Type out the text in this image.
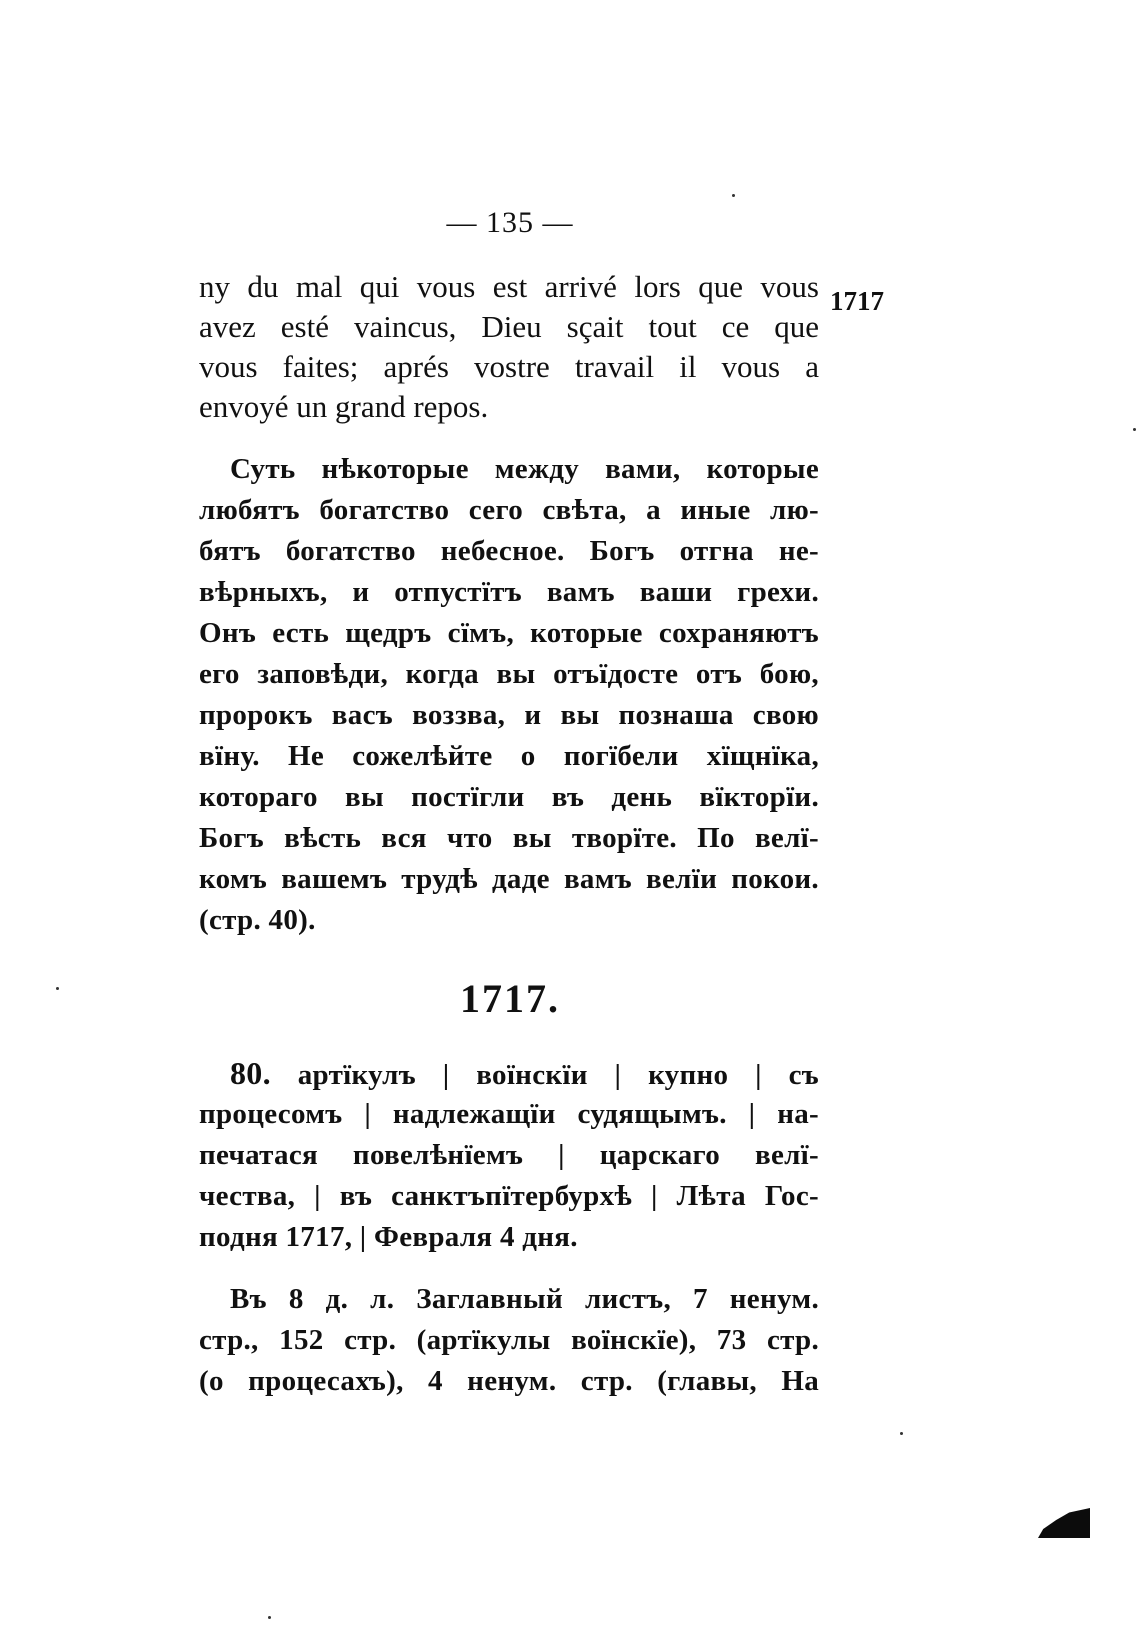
— 135 —
1717
ny du mal qui vous est arrivé lors que vous
avez esté vaincus, Dieu sçait tout ce que
vous faites; aprés vostre travail il vous a
envoyé un grand repos.
Суть нѣкоторые между вами, которые
любятъ богатство сего свѣта, а иные лю-
бятъ богатство небесное. Богъ отгна не-
вѣрныхъ, и отпустїтъ вамъ ваши грехи.
Онъ есть щедръ сїмъ, которые сохраняютъ
его заповѣди, когда вы отъїдосте отъ бою,
пророкъ васъ воззва, и вы познаша свою
вїну. Не сожелѣйте о погїбели хїщнїка,
котораго вы постїгли въ день вїкторїи.
Богъ вѣсть вся что вы творїте. По велї-
комъ вашемъ трудѣ даде вамъ велїи покои.
(стр. 40).
1717.
80. артїкулъ | воїнскїи | купно | съ
процесомъ | надлежащїи судящымъ. | на-
печатася повелѣнїемъ | царскаго велї-
чества, | въ санктъпїтербурхѣ | Лѣта Гос-
подня 1717, | Февраля 4 дня.
Въ 8 д. л. Заглавный листъ, 7 ненум.
стр., 152 стр. (артїкулы воїнскїе), 73 стр.
(о процесахъ), 4 ненум. стр. (главы, На
